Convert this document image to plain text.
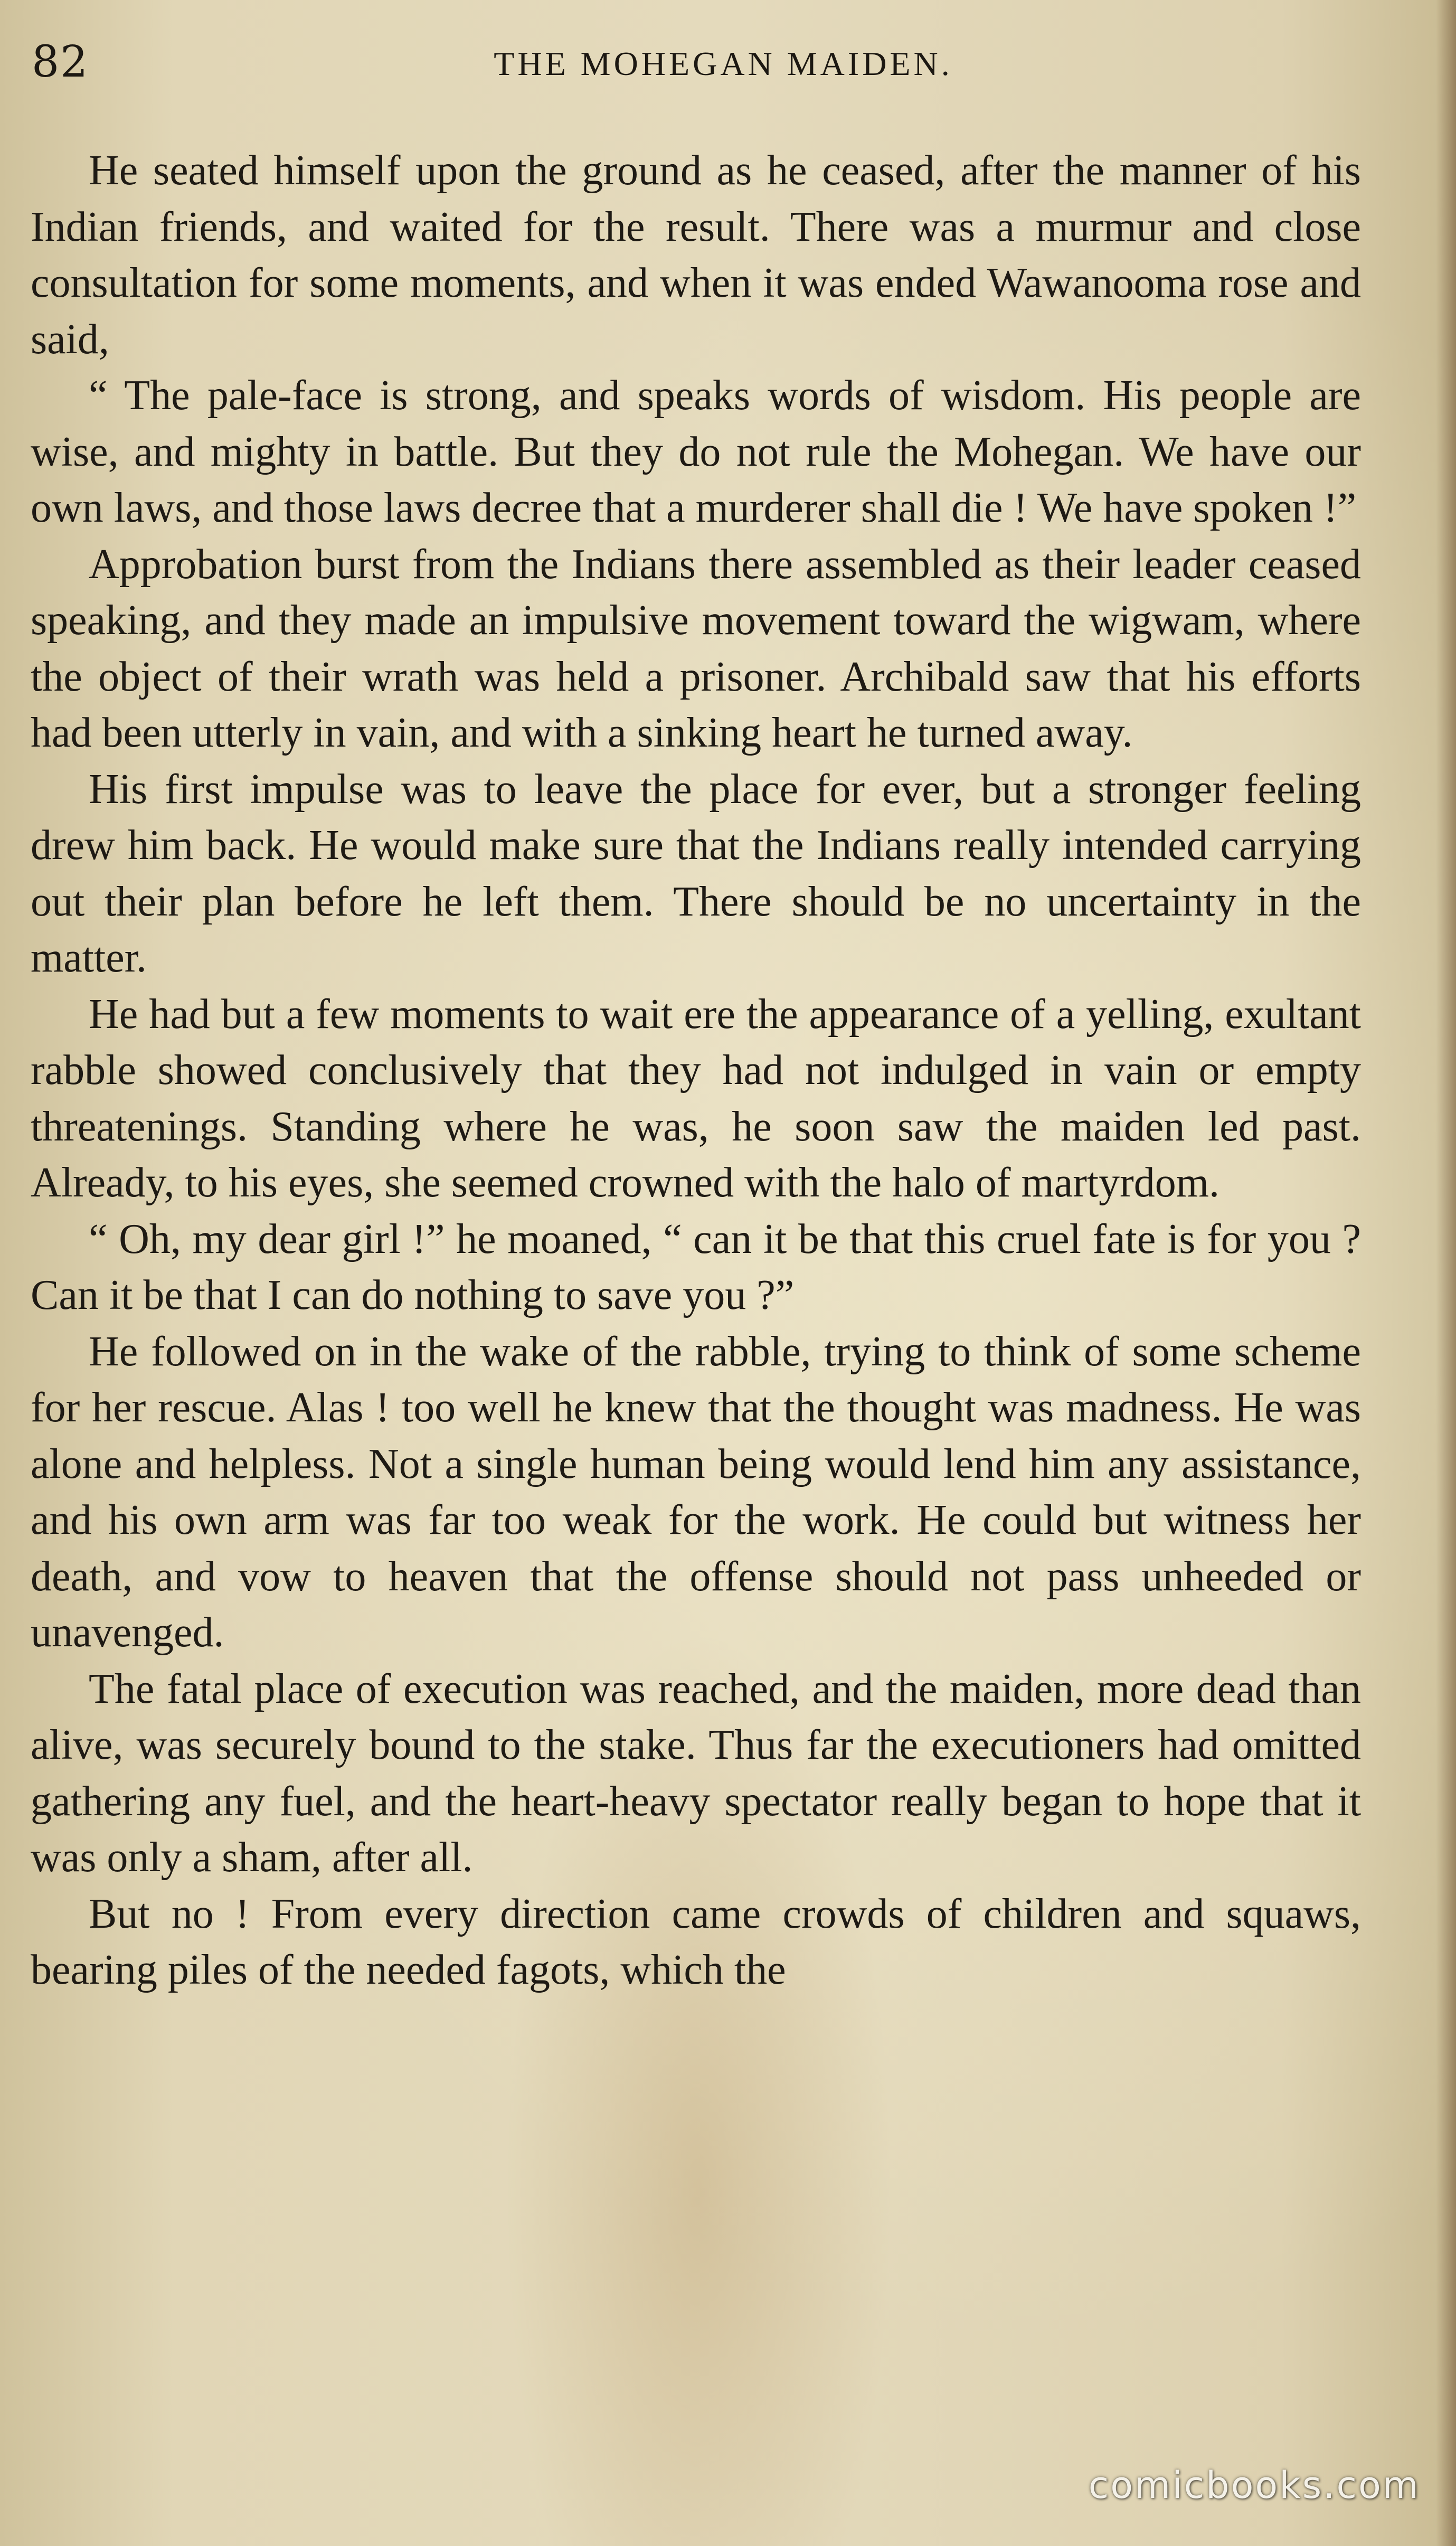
82	THE MOHEGAN MAIDEN.

He seated himself upon the ground as he ceased, after the manner of his Indian friends, and waited for the result. There was a murmur and close consultation for some moments, and when it was ended Wawanooma rose and said,

“ The pale-face is strong, and speaks words of wisdom. His people are wise, and mighty in battle. But they do not rule the Mohegan. We have our own laws, and those laws decree that a murderer shall die ! We have spoken !”

Approbation burst from the Indians there assembled as their leader ceased speaking, and they made an impulsive movement toward the wigwam, where the object of their wrath was held a prisoner. Archibald saw that his efforts had been utterly in vain, and with a sinking heart he turned away.

His first impulse was to leave the place for ever, but a stronger feeling drew him back. He would make sure that the Indians really intended carrying out their plan before he left them. There should be no uncertainty in the matter.

He had but a few moments to wait ere the appearance of a yelling, exultant rabble showed conclusively that they had not indulged in vain or empty threatenings. Standing where he was, he soon saw the maiden led past. Already, to his eyes, she seemed crowned with the halo of martyrdom.

“ Oh, my dear girl !” he moaned, “ can it be that this cruel fate is for you ? Can it be that I can do nothing to save you ?”

He followed on in the wake of the rabble, trying to think of some scheme for her rescue. Alas ! too well he knew that the thought was madness. He was alone and helpless. Not a single human being would lend him any assistance, and his own arm was far too weak for the work. He could but witness her death, and vow to heaven that the offense should not pass unheeded or unavenged.

The fatal place of execution was reached, and the maiden, more dead than alive, was securely bound to the stake. Thus far the executioners had omitted gathering any fuel, and the heart-heavy spectator really began to hope that it was only a sham, after all.

But no ! From every direction came crowds of children and squaws, bearing piles of the needed fagots, which the

comicbooks.com
